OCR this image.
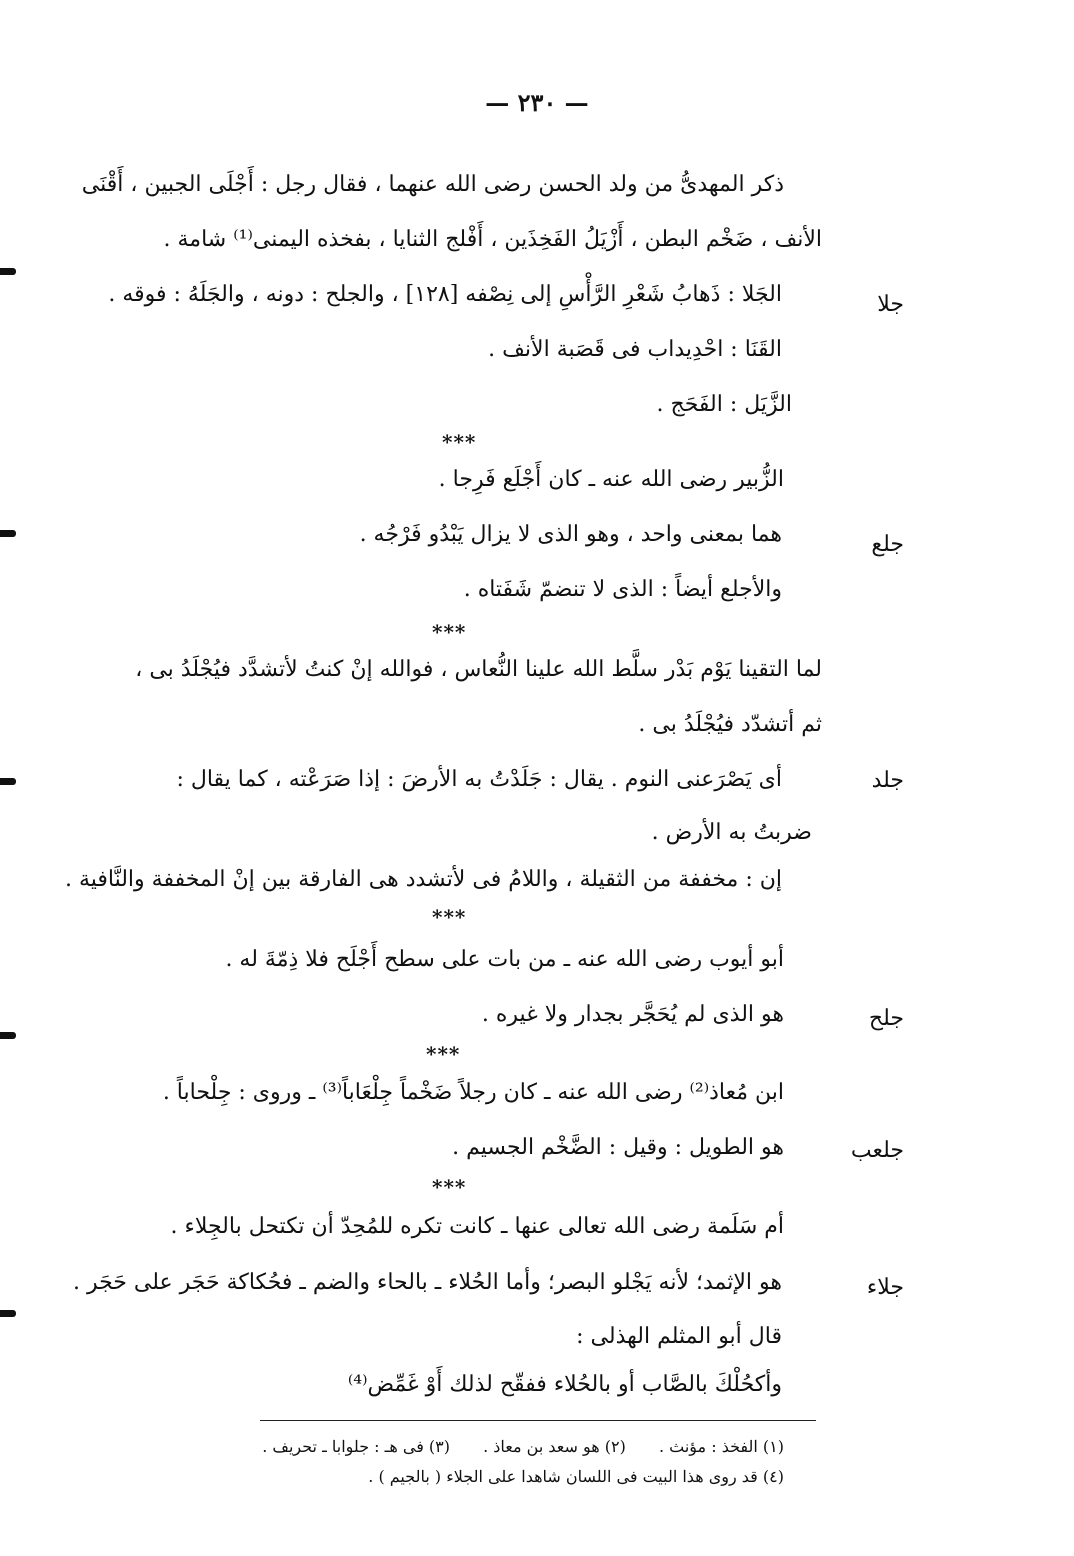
— ٢٣٠ —
ذكر المهدىُّ من ولد الحسن رضى الله عنهما ، فقال رجل : أَجْلَى الجبين ، أَقْنَى
الأنف ، ضَخْم البطن ، أَزْيَلُ الفَخِذَين ، أَفْلج الثنايا ، بفخذه اليمنى⁽¹⁾ شامة .
الجَلا : ذَهابُ شَعْرِ الرَّأْسِ إلى نِصْفه [١٢٨] ، والجلح : دونه ، والجَلَهُ : فوقه .
القَنَا : احْدِيداب فى قَصَبة الأنف .
الزَّيَل : الفَحَج .
***
الزُّبير رضى الله عنه ـ كان أَجْلَع فَرِجا .
هما بمعنى واحد ، وهو الذى لا يزال يَبْدُو فَرْجُه .
والأجلع أيضاً : الذى لا تنضمّ شَفَتاه .
***
لما التقينا يَوْم بَدْر سلَّط الله علينا النُّعاس ، فوالله إنْ كنتُ لأتشدَّد فيُجْلَدُ بى ،
ثم أتشدّد فيُجْلَدُ بى .
أى يَصْرَعنى النوم . يقال : جَلَدْتُ به الأرضَ : إذا صَرَعْته ، كما يقال :
ضربتُ به الأرض .
إن : مخففة من الثقيلة ، واللامُ فى لأتشدد هى الفارقة بين إنْ المخففة والنَّافية .
***
أبو أيوب رضى الله عنه ـ من بات على سطح أَجْلَح فلا ذِمّةَ له .
هو الذى لم يُحَجَّر بجدار ولا غيره .
***
ابن مُعاذ⁽²⁾ رضى الله عنه ـ كان رجلاً ضَخْماً جِلْعَاباً⁽³⁾ ـ وروى : جِلْحاباً .
هو الطويل : وقيل : الضَّخْم الجسيم .
***
أم سَلَمة رضى الله تعالى عنها ـ كانت تكره للمُحِدّ أن تكتحل بالجِلاء .
هو الإثمد؛ لأنه يَجْلو البصر؛ وأما الحُلاء ـ بالحاء والضم ـ فحُكاكة حَجَر على حَجَر .
قال أبو المثلم الهذلى :
وأكحُلْكَ بالصَّاب أو بالحُلاء ففقّح لذلك أَوْ غَمِّض⁽⁴⁾
جلا
جلع
جلد
جلح
جلعب
جلاء
(١) الفخذ : مؤنث . (٢) هو سعد بن معاذ . (٣) فى هـ : جلوابا ـ تحريف .
(٤) قد روى هذا البيت فى اللسان شاهدا على الجلاء ( بالجيم ) .
